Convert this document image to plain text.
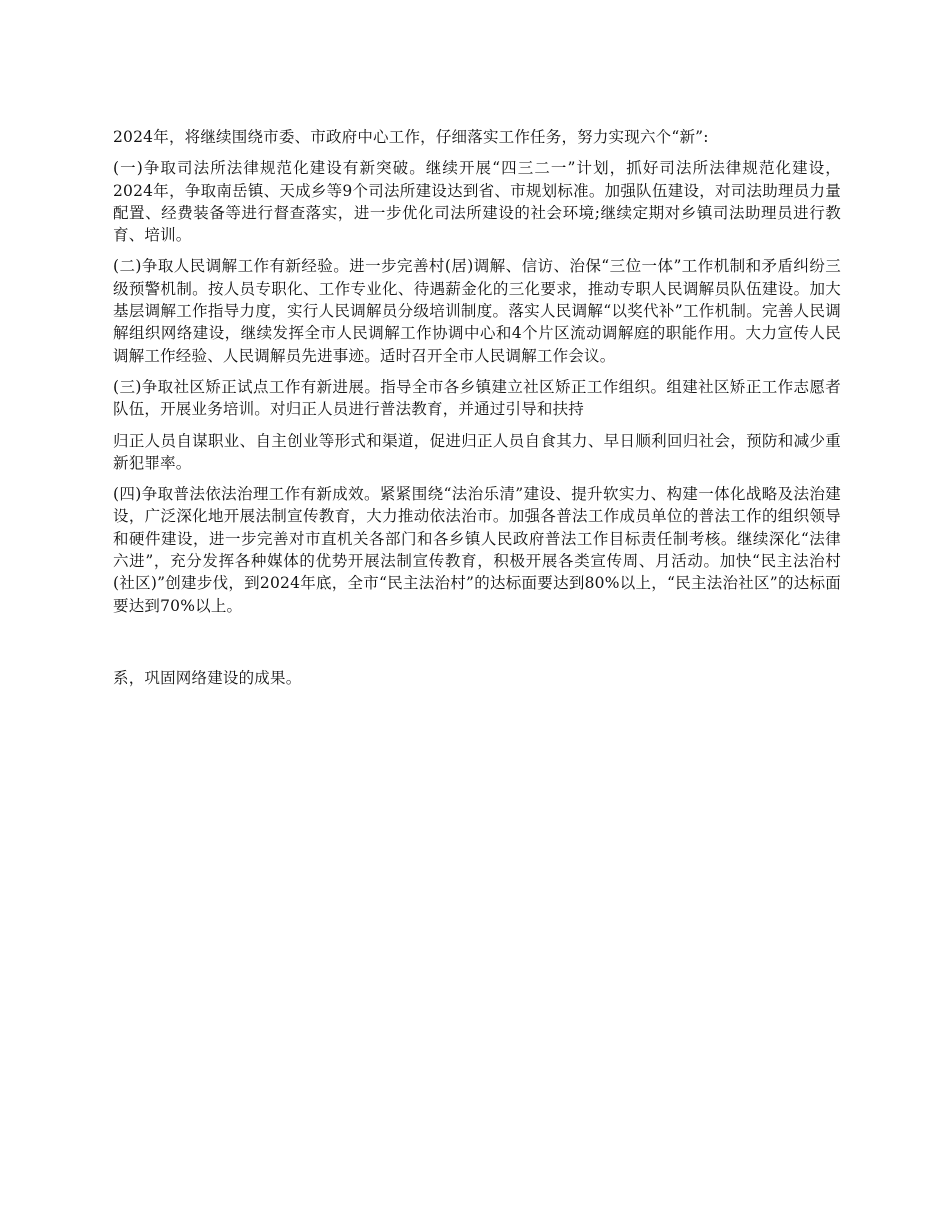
2024年，将继续围绕市委、市政府中心工作，仔细落实工作任务，努力实现六个“新”:

(一)争取司法所法律规范化建设有新突破。继续开展“四三二一”计划，抓好司法所法律规范化建设，2024年，争取南岳镇、天成乡等9个司法所建设达到省、市规划标准。加强队伍建设，对司法助理员力量配置、经费装备等进行督查落实，进一步优化司法所建设的社会环境;继续定期对乡镇司法助理员进行教育、培训。

(二)争取人民调解工作有新经验。进一步完善村(居)调解、信访、治保“三位一体”工作机制和矛盾纠纷三级预警机制。按人员专职化、工作专业化、待遇薪金化的三化要求，推动专职人民调解员队伍建设。加大基层调解工作指导力度，实行人民调解员分级培训制度。落实人民调解“以奖代补”工作机制。完善人民调解组织网络建设，继续发挥全市人民调解工作协调中心和4个片区流动调解庭的职能作用。大力宣传人民调解工作经验、人民调解员先进事迹。适时召开全市人民调解工作会议。

(三)争取社区矫正试点工作有新进展。指导全市各乡镇建立社区矫正工作组织。组建社区矫正工作志愿者队伍，开展业务培训。对归正人员进行普法教育，并通过引导和扶持

归正人员自谋职业、自主创业等形式和渠道，促进归正人员自食其力、早日顺利回归社会，预防和减少重新犯罪率。

(四)争取普法依法治理工作有新成效。紧紧围绕“法治乐清”建设、提升软实力、构建一体化战略及法治建设，广泛深化地开展法制宣传教育，大力推动依法治市。加强各普法工作成员单位的普法工作的组织领导和硬件建设，进一步完善对市直机关各部门和各乡镇人民政府普法工作目标责任制考核。继续深化“法律六进”，充分发挥各种媒体的优势开展法制宣传教育，积极开展各类宣传周、月活动。加快“民主法治村(社区)”创建步伐，到2024年底，全市“民主法治村”的达标面要达到80%以上，“民主法治社区”的达标面要达到70%以上。

系，巩固网络建设的成果。
